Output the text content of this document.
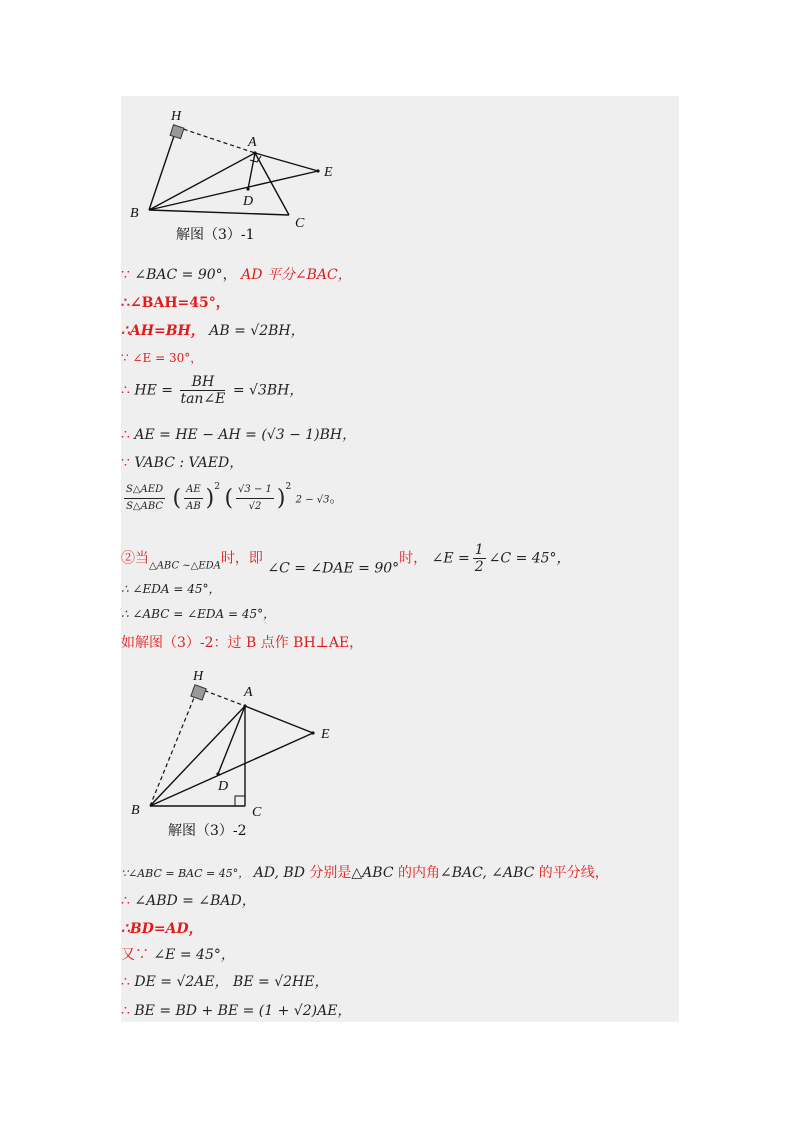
H
A
E
B
D
C
解图（3）-1
∵ ∠BAC = 90°， AD 平分∠BAC，
∴∠BAH=45°，
∴AH=BH， AB = √2BH，
∵ ∠E = 30°，
∴ HE = $\frac{BH}{\tan\angle E} = √3BH$，
∴ AE = HE − AH = (√3 − 1)BH，
∵ VABC : VAED，
$\frac{\text{S△AED}}{\text{S△ABC}}$ ( $\frac{AE}{AB} )^2$ ( $\frac{√3 - 1}{√2} )^2$ 2 − √3。
②当$_{\triangle ABC \sim\triangle EDA}$时，即 ∠C = ∠DAE = 90°时， ∠E = $\frac{1}{2}$ ∠C = 45°，
∴ ∠EDA = 45°，
∴ ∠ABC = ∠EDA = 45°，
如解图（3）-2：过 B 点作 BH⊥AE，
H
A
E
B
D
C
解图（3）-2
∵∠ABC = BAC = 45°， AD, BD 分别是△ABC 的内角∠BAC, ∠ABC 的平分线，
∴ ∠ABD = ∠BAD，
∴BD=AD，
又∵ ∠E = 45°，
∴ DE = √2AE， BE = √2HE，
∴ BE = BD + BE = (1 + √2)AE，
